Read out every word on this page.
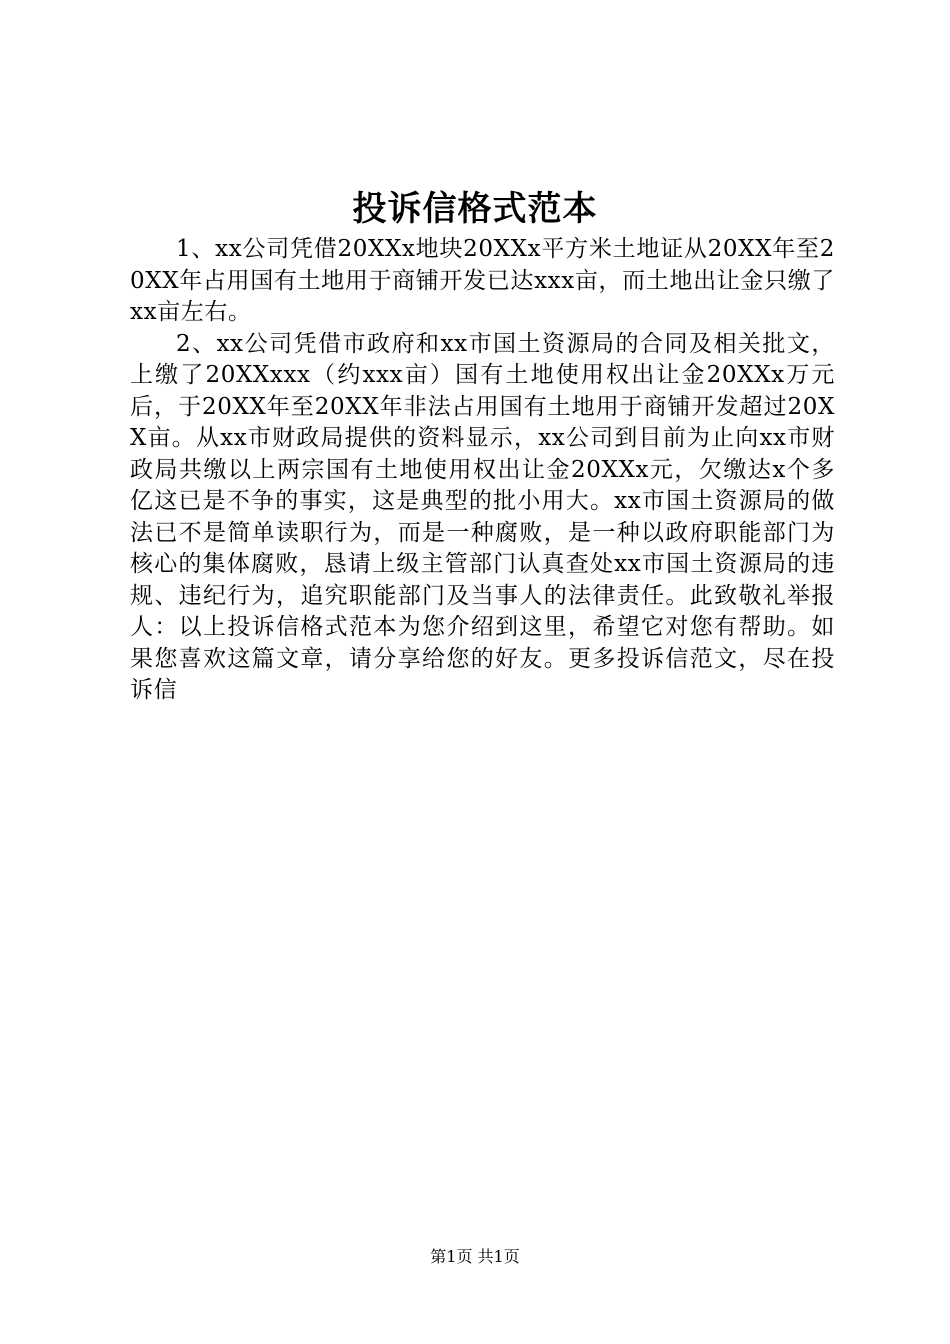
投诉信格式范本

1、xx公司凭借20XXx地块20XXx平方米土地证从20XX年至20XX年占用国有土地用于商铺开发已达xxx亩，而土地出让金只缴了xx亩左右。

2、xx公司凭借市政府和xx市国土资源局的合同及相关批文，上缴了20XXxxx（约xxx亩）国有土地使用权出让金20XXx万元后，于20XX年至20XX年非法占用国有土地用于商铺开发超过20XX亩。从xx市财政局提供的资料显示，xx公司到目前为止向xx市财政局共缴以上两宗国有土地使用权出让金20XXx元，欠缴达x个多亿这已是不争的事实，这是典型的批小用大。xx市国土资源局的做法已不是简单读职行为，而是一种腐败，是一种以政府职能部门为核心的集体腐败，恳请上级主管部门认真查处xx市国土资源局的违规、违纪行为，追究职能部门及当事人的法律责任。此致敬礼举报人：以上投诉信格式范本为您介绍到这里，希望它对您有帮助。如果您喜欢这篇文章，请分享给您的好友。更多投诉信范文，尽在投诉信

第1页 共1页
